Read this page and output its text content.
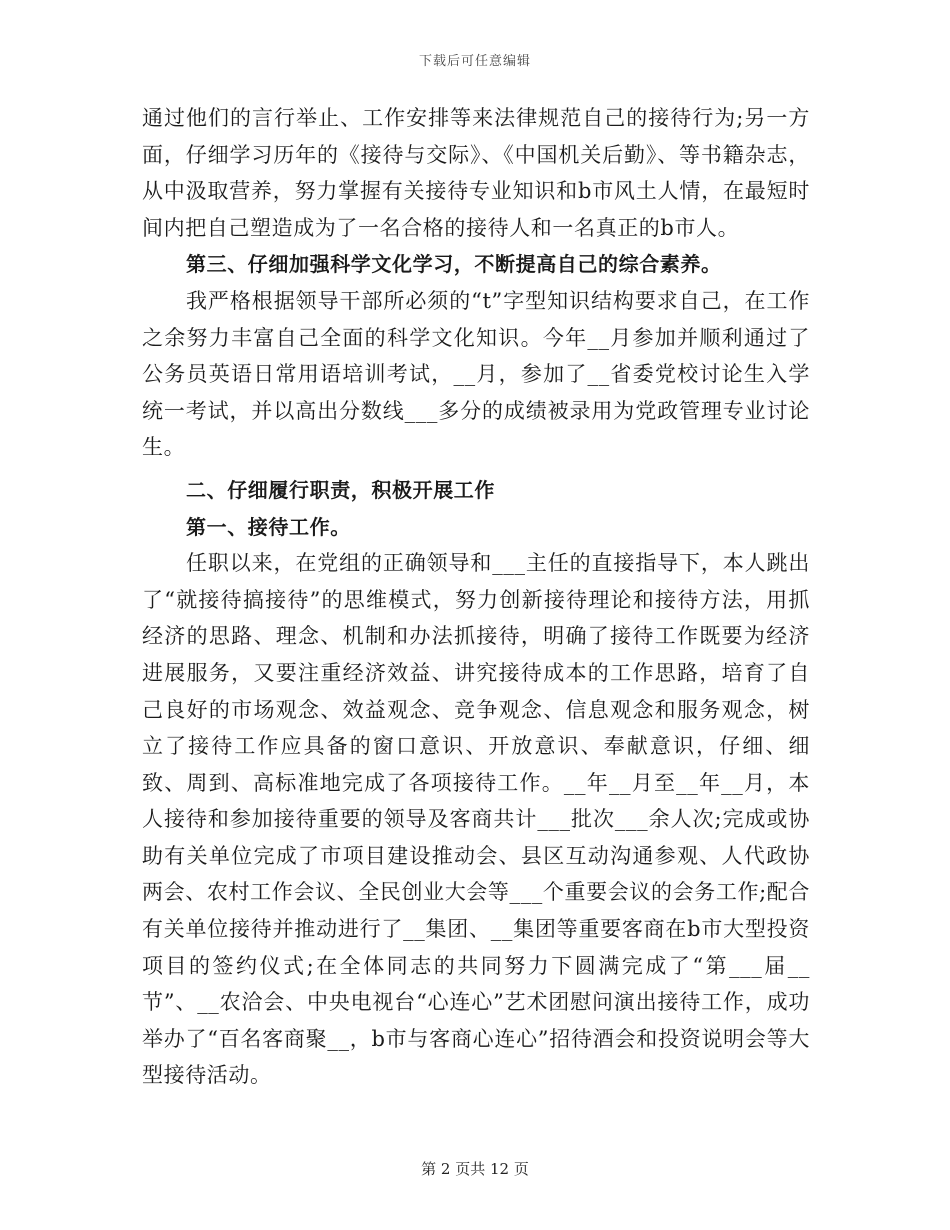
下载后可任意编辑

通过他们的言行举止、工作安排等来法律规范自己的接待行为;另一方面，仔细学习历年的《接待与交际》、《中国机关后勤》、等书籍杂志，从中汲取营养，努力掌握有关接待专业知识和b市风土人情，在最短时间内把自己塑造成为了一名合格的接待人和一名真正的b市人。

第三、仔细加强科学文化学习，不断提高自己的综合素养。

我严格根据领导干部所必须的“t”字型知识结构要求自己，在工作之余努力丰富自己全面的科学文化知识。今年__月参加并顺利通过了公务员英语日常用语培训考试，__月，参加了__省委党校讨论生入学统一考试，并以高出分数线___多分的成绩被录用为党政管理专业讨论生。

二、仔细履行职责，积极开展工作

第一、接待工作。

任职以来，在党组的正确领导和___主任的直接指导下，本人跳出了“就接待搞接待”的思维模式，努力创新接待理论和接待方法，用抓经济的思路、理念、机制和办法抓接待，明确了接待工作既要为经济进展服务，又要注重经济效益、讲究接待成本的工作思路，培育了自己良好的市场观念、效益观念、竞争观念、信息观念和服务观念，树立了接待工作应具备的窗口意识、开放意识、奉献意识，仔细、细致、周到、高标准地完成了各项接待工作。__年__月至__年__月，本人接待和参加接待重要的领导及客商共计___批次___余人次;完成或协助有关单位完成了市项目建设推动会、县区互动沟通参观、人代政协两会、农村工作会议、全民创业大会等___个重要会议的会务工作;配合有关单位接待并推动进行了__集团、__集团等重要客商在b市大型投资项目的签约仪式;在全体同志的共同努力下圆满完成了“第___届__节”、__农洽会、中央电视台“心连心”艺术团慰问演出接待工作，成功举办了“百名客商聚__，b市与客商心连心”招待酒会和投资说明会等大型接待活动。

第 2 页共 12 页
